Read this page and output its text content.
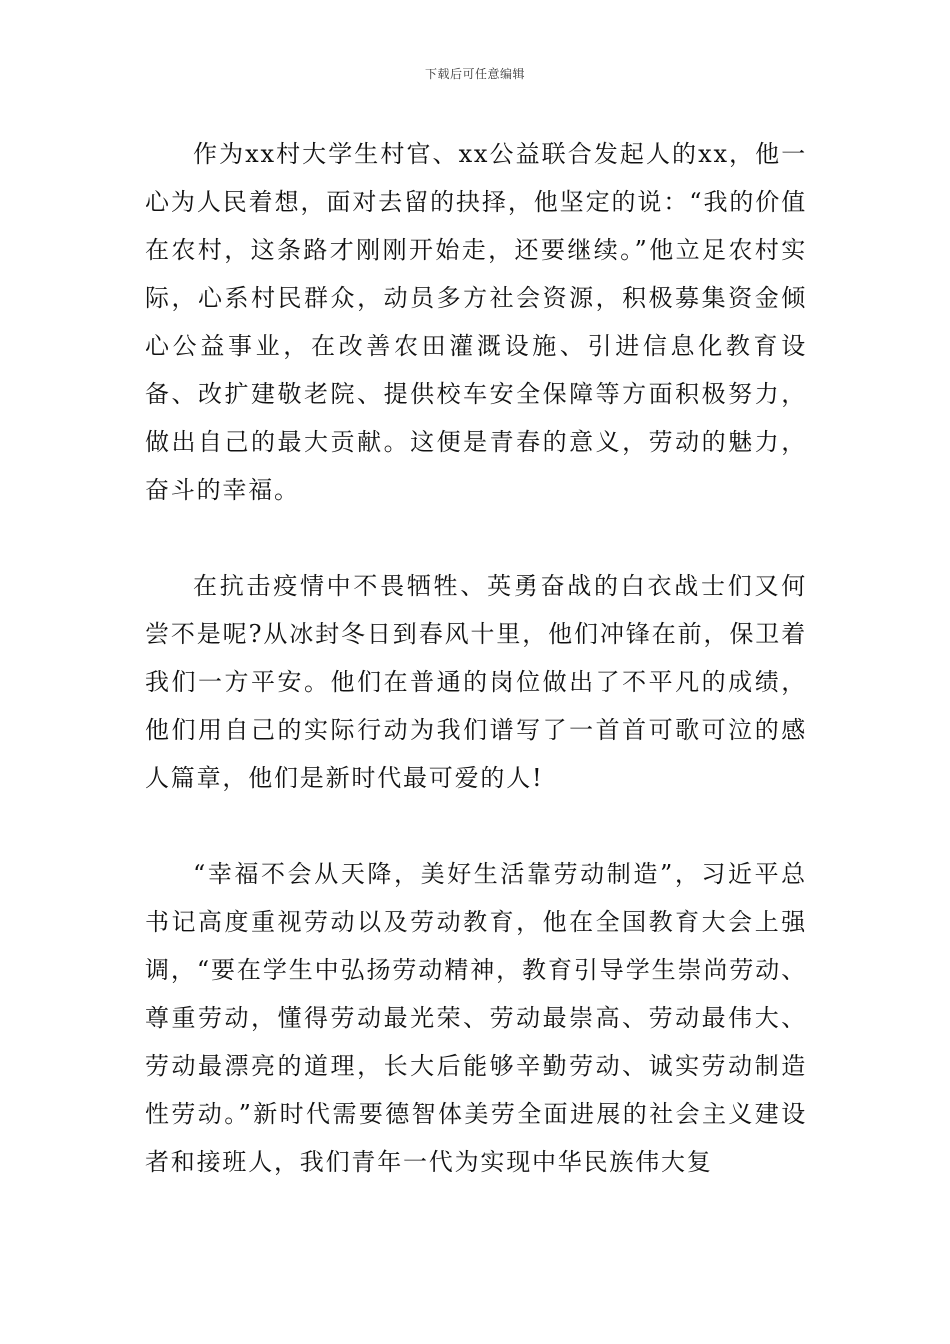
下载后可任意编辑

作为xx村大学生村官、xx公益联合发起人的xx，他一心为人民着想，面对去留的抉择，他坚定的说：“我的价值在农村，这条路才刚刚开始走，还要继续。”他立足农村实际，心系村民群众，动员多方社会资源，积极募集资金倾心公益事业，在改善农田灌溉设施、引进信息化教育设备、改扩建敬老院、提供校车安全保障等方面积极努力，做出自己的最大贡献。这便是青春的意义，劳动的魅力，奋斗的幸福。

在抗击疫情中不畏牺牲、英勇奋战的白衣战士们又何尝不是呢?从冰封冬日到春风十里，他们冲锋在前，保卫着我们一方平安。他们在普通的岗位做出了不平凡的成绩，他们用自己的实际行动为我们谱写了一首首可歌可泣的感人篇章，他们是新时代最可爱的人!

“幸福不会从天降，美好生活靠劳动制造”，习近平总书记高度重视劳动以及劳动教育，他在全国教育大会上强调，“要在学生中弘扬劳动精神，教育引导学生崇尚劳动、尊重劳动，懂得劳动最光荣、劳动最崇高、劳动最伟大、劳动最漂亮的道理，长大后能够辛勤劳动、诚实劳动制造性劳动。”新时代需要德智体美劳全面进展的社会主义建设者和接班人，我们青年一代为实现中华民族伟大复
